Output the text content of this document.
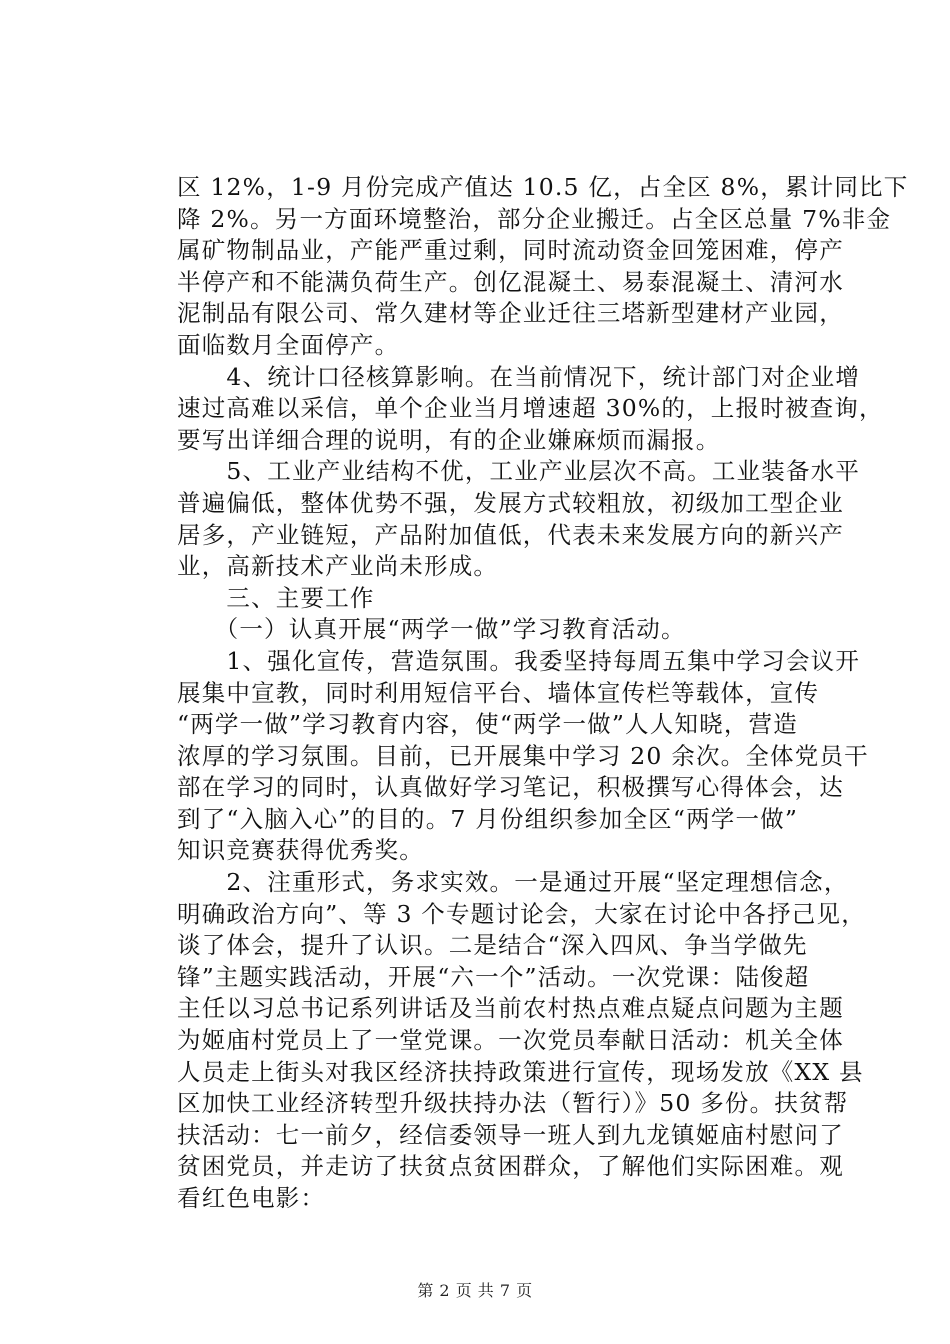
区 12%，1-9 月份完成产值达 10.5 亿，占全区 8%，累计同比下
降 2%。另一方面环境整治，部分企业搬迁。占全区总量 7%非金
属矿物制品业，产能严重过剩，同时流动资金回笼困难，停产
半停产和不能满负荷生产。创亿混凝土、易泰混凝土、清河水
泥制品有限公司、常久建材等企业迁往三塔新型建材产业园，
面临数月全面停产。
　　4、统计口径核算影响。在当前情况下，统计部门对企业增
速过高难以采信，单个企业当月增速超 30%的，上报时被查询，
要写出详细合理的说明，有的企业嫌麻烦而漏报。
　　5、工业产业结构不优，工业产业层次不高。工业装备水平
普遍偏低，整体优势不强，发展方式较粗放，初级加工型企业
居多，产业链短，产品附加值低，代表未来发展方向的新兴产
业，高新技术产业尚未形成。
　　三、主要工作
　　（一）认真开展“两学一做”学习教育活动。
　　1、强化宣传，营造氛围。我委坚持每周五集中学习会议开
展集中宣教，同时利用短信平台、墙体宣传栏等载体，宣传
“两学一做”学习教育内容，使“两学一做”人人知晓，营造
浓厚的学习氛围。目前，已开展集中学习 20 余次。全体党员干
部在学习的同时，认真做好学习笔记，积极撰写心得体会，达
到了“入脑入心”的目的。7 月份组织参加全区“两学一做”
知识竞赛获得优秀奖。
　　2、注重形式，务求实效。一是通过开展“坚定理想信念，
明确政治方向”、等 3 个专题讨论会，大家在讨论中各抒己见，
谈了体会，提升了认识。二是结合“深入四风、争当学做先
锋”主题实践活动，开展“六一个”活动。一次党课：陆俊超
主任以习总书记系列讲话及当前农村热点难点疑点问题为主题
为姬庙村党员上了一堂党课。一次党员奉献日活动：机关全体
人员走上街头对我区经济扶持政策进行宣传，现场发放《XX 县
区加快工业经济转型升级扶持办法（暂行）》50 多份。扶贫帮
扶活动：七一前夕，经信委领导一班人到九龙镇姬庙村慰问了
贫困党员，并走访了扶贫点贫困群众，了解他们实际困难。观
看红色电影：
第 2 页 共 7 页
